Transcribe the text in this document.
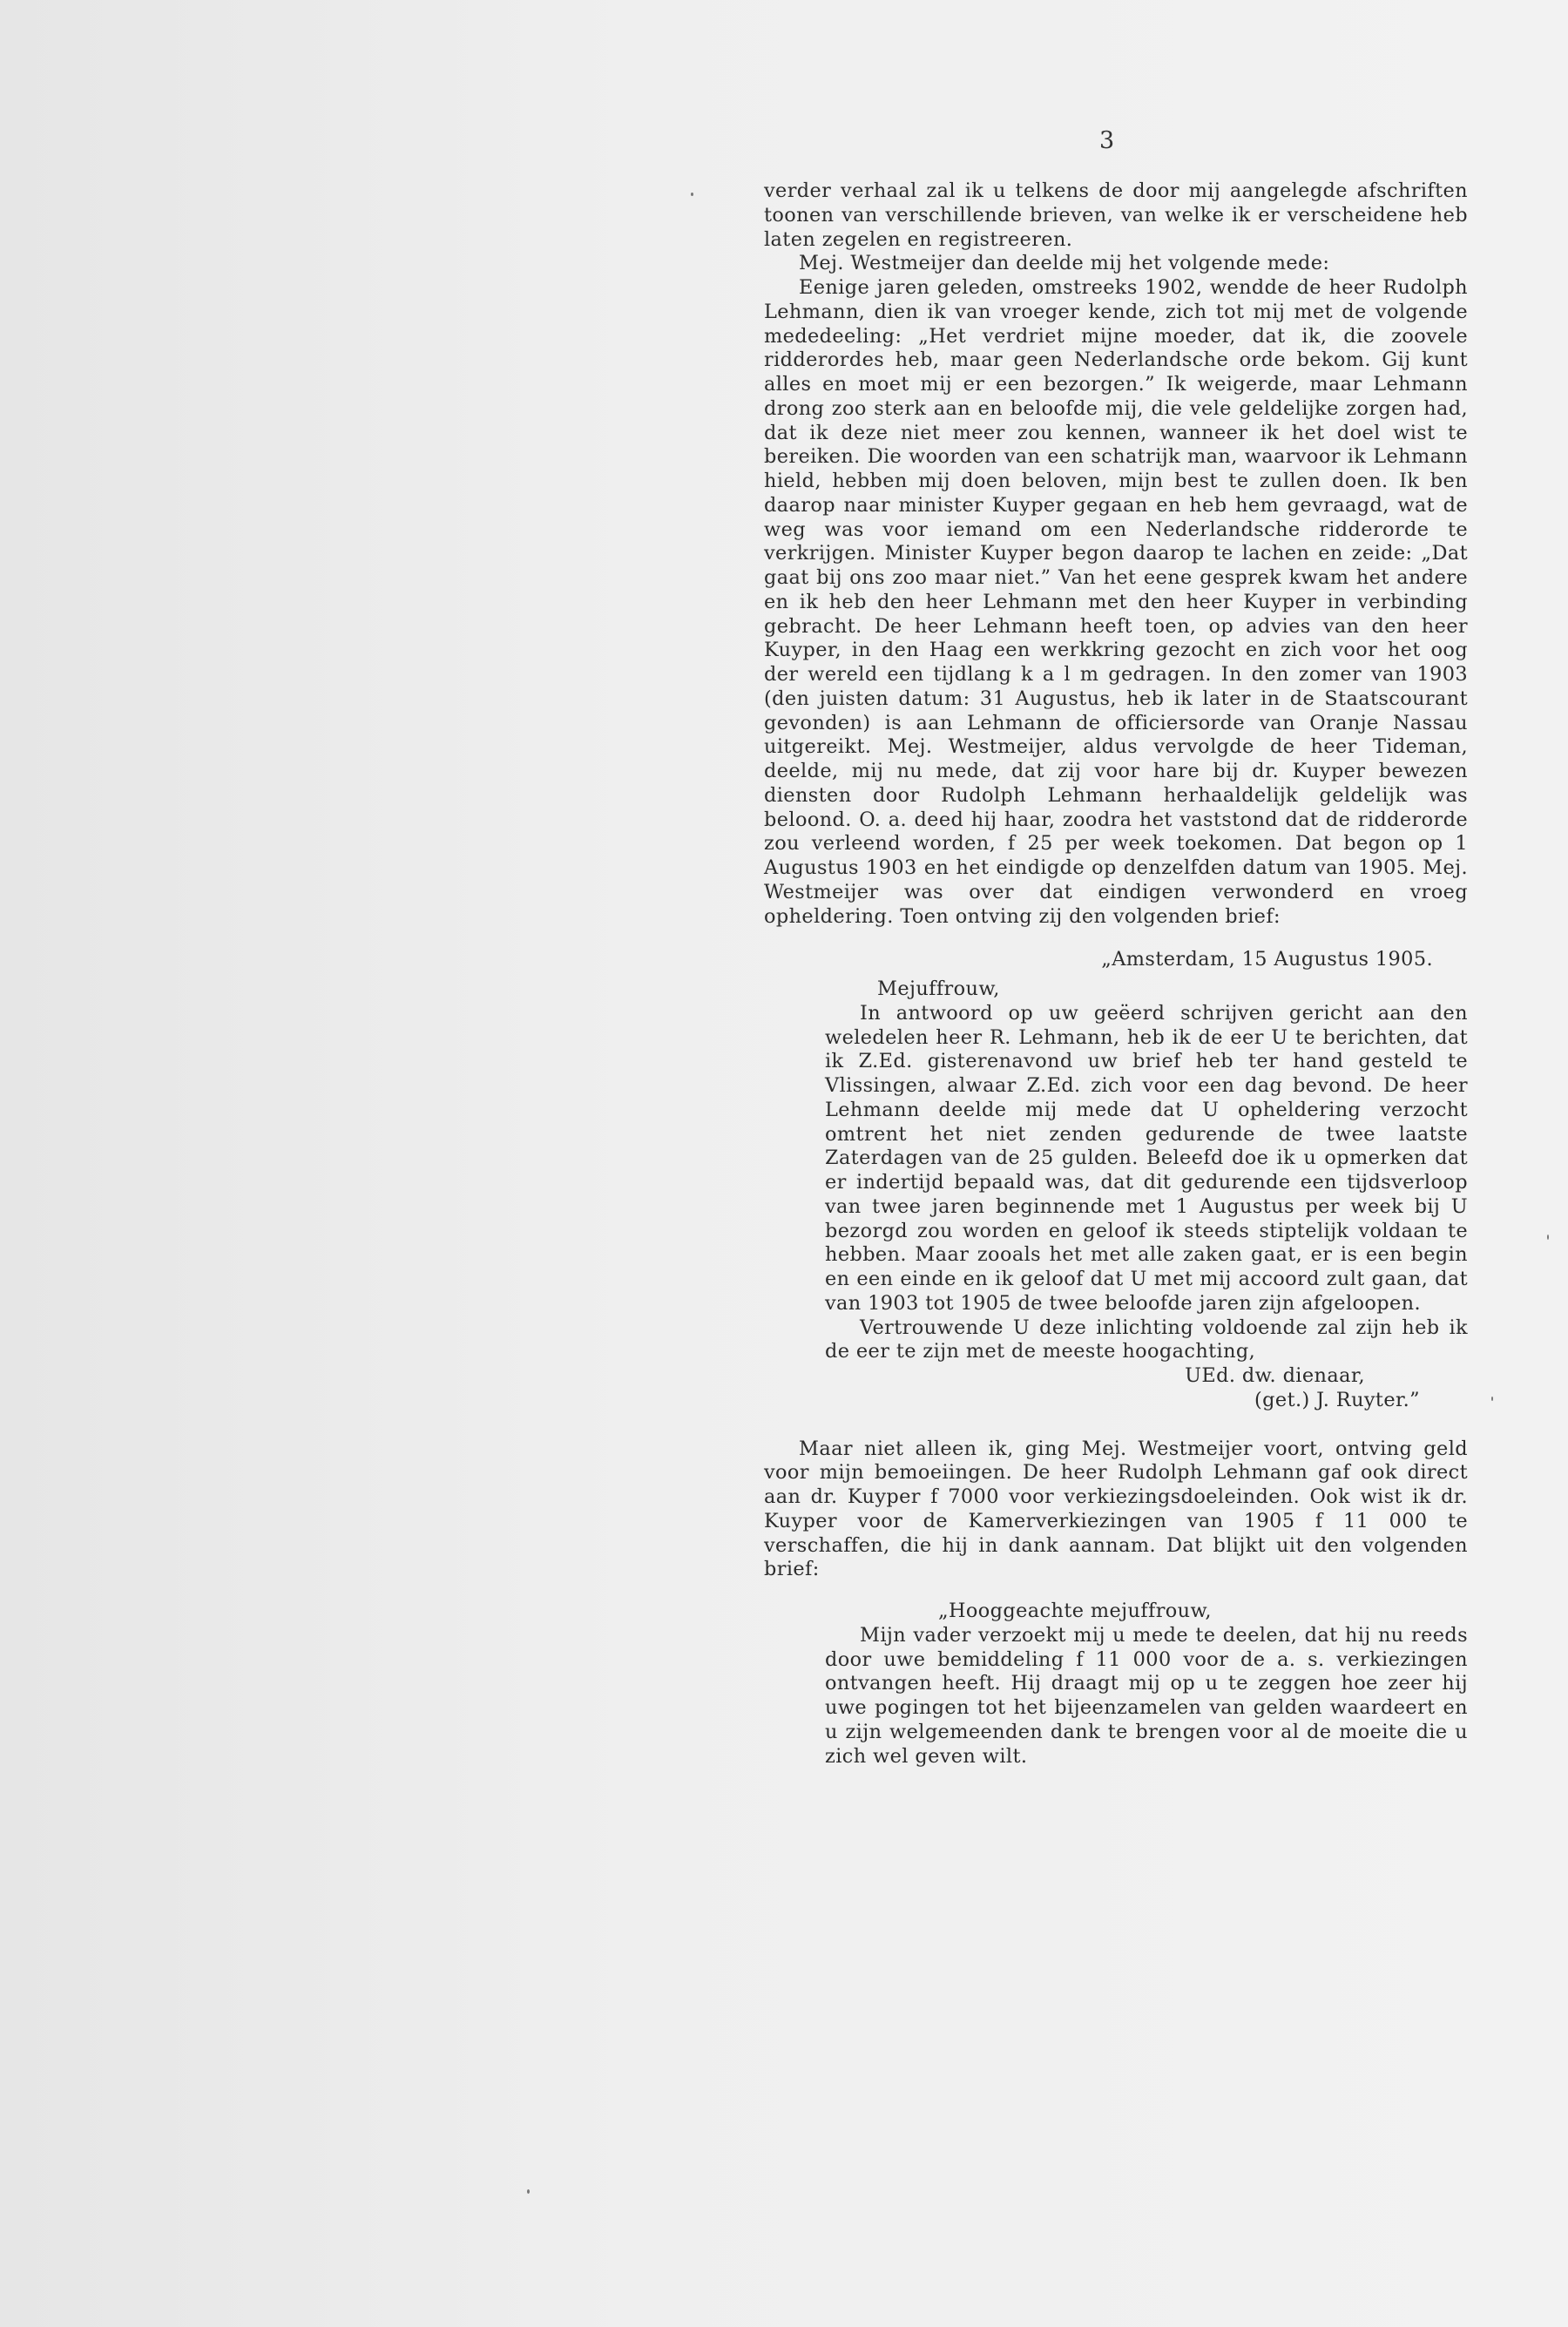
3

verder verhaal zal ik u telkens de door mij aangelegde afschriften toonen van verschillende brieven, van welke ik er verscheidene heb laten zegelen en registreeren.

Mej. Westmeijer dan deelde mij het volgende mede:

Eenige jaren geleden, omstreeks 1902, wendde de heer Rudolph Lehmann, dien ik van vroeger kende, zich tot mij met de volgende mededeeling: „Het verdriet mijne moeder, dat ik, die zoovele ridderordes heb, maar geen Nederlandsche orde bekom. Gij kunt alles en moet mij er een bezorgen.” Ik weigerde, maar Lehmann drong zoo sterk aan en beloofde mij, die vele geldelijke zorgen had, dat ik deze niet meer zou kennen, wanneer ik het doel wist te bereiken. Die woorden van een schatrijk man, waarvoor ik Lehmann hield, hebben mij doen beloven, mijn best te zullen doen. Ik ben daarop naar minister Kuyper gegaan en heb hem gevraagd, wat de weg was voor iemand om een Nederlandsche ridderorde te verkrijgen. Minister Kuyper begon daarop te lachen en zeide: „Dat gaat bij ons zoo maar niet.” Van het eene gesprek kwam het andere en ik heb den heer Lehmann met den heer Kuyper in verbinding gebracht. De heer Lehmann heeft toen, op advies van den heer Kuyper, in den Haag een werkkring gezocht en zich voor het oog der wereld een tijdlang k a l m gedragen. In den zomer van 1903 (den juisten datum: 31 Augustus, heb ik later in de Staatscourant gevonden) is aan Lehmann de officiersorde van Oranje Nassau uitgereikt. Mej. Westmeijer, aldus vervolgde de heer Tideman, deelde, mij nu mede, dat zij voor hare bij dr. Kuyper bewezen diensten door Rudolph Lehmann herhaaldelijk geldelijk was beloond. O. a. deed hij haar, zoodra het vaststond dat de ridderorde zou verleend worden, f 25 per week toekomen. Dat begon op 1 Augustus 1903 en het eindigde op denzelfden datum van 1905. Mej. Westmeijer was over dat eindigen verwonderd en vroeg opheldering. Toen ontving zij den volgenden brief:

„Amsterdam, 15 Augustus 1905.

Mejuffrouw,

In antwoord op uw geëerd schrijven gericht aan den weledelen heer R. Lehmann, heb ik de eer U te berichten, dat ik Z.Ed. gisterenavond uw brief heb ter hand gesteld te Vlissingen, alwaar Z.Ed. zich voor een dag bevond. De heer Lehmann deelde mij mede dat U opheldering verzocht omtrent het niet zenden gedurende de twee laatste Zaterdagen van de 25 gulden. Beleefd doe ik u opmerken dat er indertijd bepaald was, dat dit gedurende een tijdsverloop van twee jaren beginnende met 1 Augustus per week bij U bezorgd zou worden en geloof ik steeds stiptelijk voldaan te hebben. Maar zooals het met alle zaken gaat, er is een begin en een einde en ik geloof dat U met mij accoord zult gaan, dat van 1903 tot 1905 de twee beloofde jaren zijn afgeloopen.

Vertrouwende U deze inlichting voldoende zal zijn heb ik de eer te zijn met de meeste hoogachting,

UEd. dw. dienaar,

(get.) J. Ruyter.”

Maar niet alleen ik, ging Mej. Westmeijer voort, ontving geld voor mijn bemoeiingen. De heer Rudolph Lehmann gaf ook direct aan dr. Kuyper f 7000 voor verkiezingsdoeleinden. Ook wist ik dr. Kuyper voor de Kamerverkiezingen van 1905 f 11 000 te verschaffen, die hij in dank aannam. Dat blijkt uit den volgenden brief:

„Hooggeachte mejuffrouw,

Mijn vader verzoekt mij u mede te deelen, dat hij nu reeds door uwe bemiddeling f 11 000 voor de a. s. verkiezingen ontvangen heeft. Hij draagt mij op u te zeggen hoe zeer hij uwe pogingen tot het bijeenzamelen van gelden waardeert en u zijn welgemeenden dank te brengen voor al de moeite die u zich wel geven wilt.
